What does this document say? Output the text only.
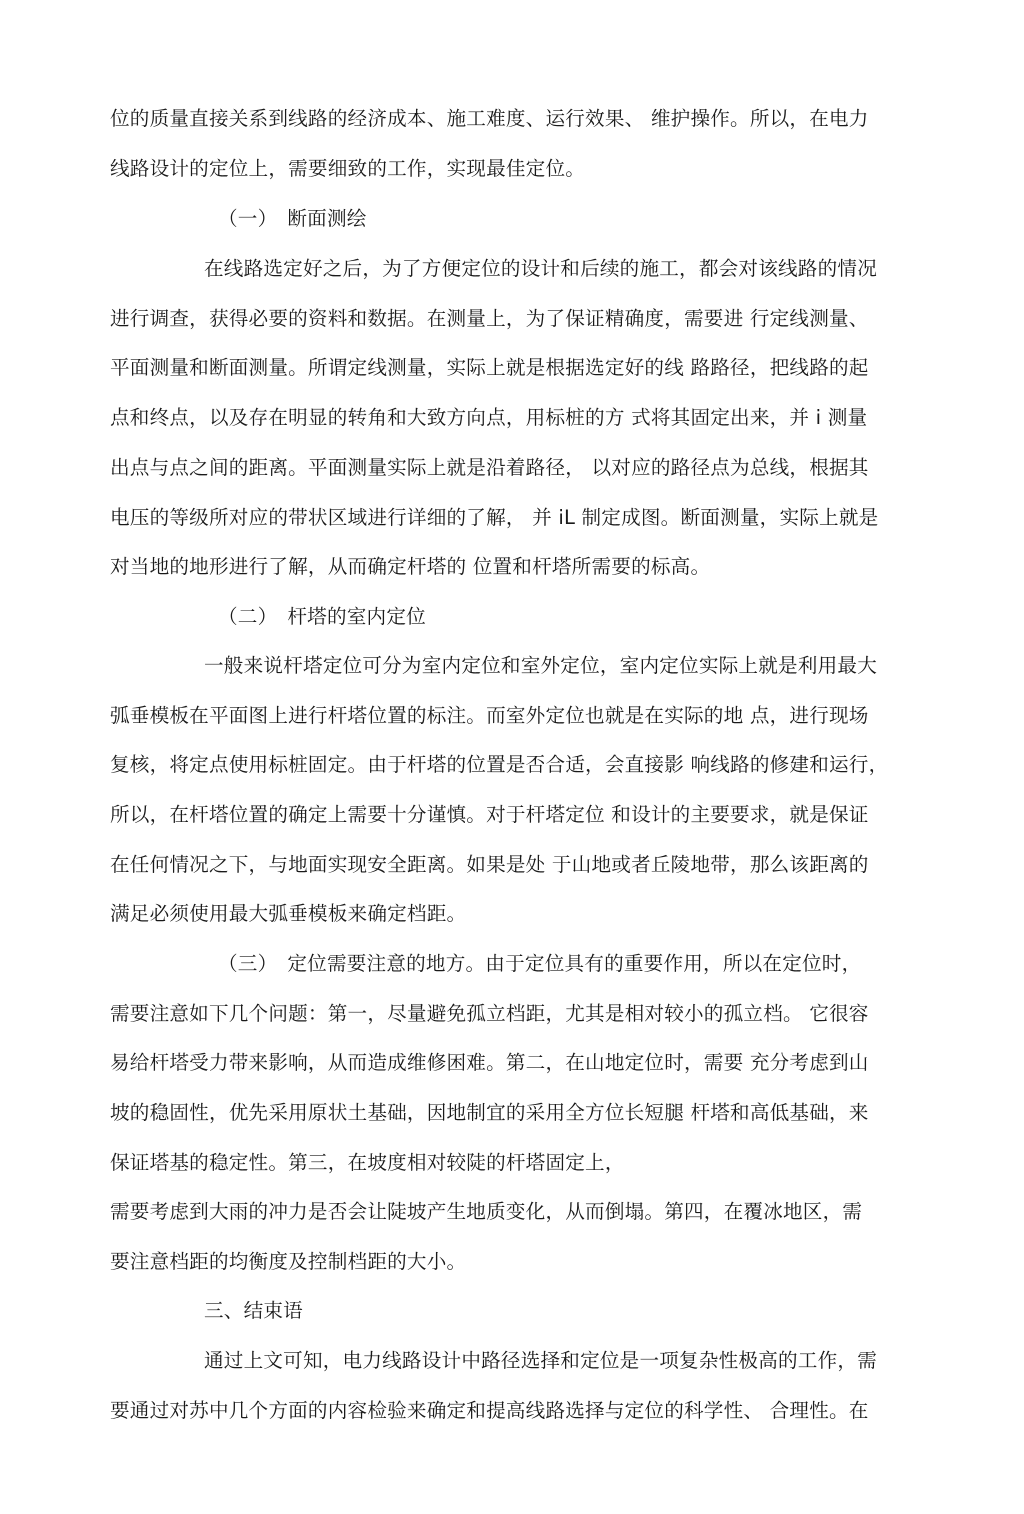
位的质量直接关系到线路的经济成本、施工难度、运行效果、 维护操作。所以，在电力
线路设计的定位上，需要细致的工作，实现最佳定位。
（一）　断面测绘
在线路选定好之后，为了方便定位的设计和后续的施工，都会对该线路的情况
进行调查，获得必要的资料和数据。在测量上，为了保证精确度，需要进 行定线测量、
平面测量和断面测量。所谓定线测量，实际上就是根据选定好的线 路路径，把线路的起
点和终点，以及存在明显的转角和大致方向点，用标桩的方 式将其固定出来，并 i 测量
出点与点之间的距离。平面测量实际上就是沿着路径， 以对应的路径点为总线，根据其
电压的等级所对应的带状区域进行详细的了解， 并 iL 制定成图。断面测量，实际上就是
对当地的地形进行了解，从而确定杆塔的 位置和杆塔所需要的标高。
（二）　杆塔的室内定位
一般来说杆塔定位可分为室内定位和室外定位，室内定位实际上就是利用最大
弧垂模板在平面图上进行杆塔位置的标注。而室外定位也就是在实际的地 点，进行现场
复核，将定点使用标桩固定。由于杆塔的位置是否合适，会直接影 响线路的修建和运行，
所以，在杆塔位置的确定上需要十分谨慎。对于杆塔定位 和设计的主要要求，就是保证
在任何情况之下，与地面实现安全距离。如果是处 于山地或者丘陵地带，那么该距离的
满足必须使用最大弧垂模板来确定档距。
（三）　定位需要注意的地方。由于定位具有的重要作用，所以在定位时，
需要注意如下几个问题：第一，尽量避免孤立档距，尤其是相对较小的孤立档。 它很容
易给杆塔受力带来影响，从而造成维修困难。第二，在山地定位时，需要 充分考虑到山
坡的稳固性，优先采用原状土基础，因地制宜的采用全方位长短腿 杆塔和高低基础，来
保证塔基的稳定性。第三，在坡度相对较陡的杆塔固定上，
需要考虑到大雨的冲力是否会让陡坡产生地质变化，从而倒塌。第四，在覆冰地区，需
要注意档距的均衡度及控制档距的大小。
三、结束语
通过上文可知，电力线路设计中路径选择和定位是一项复杂性极高的工作，需
要通过对苏中几个方面的内容检验来确定和提高线路选择与定位的科学性、 合理性。在
